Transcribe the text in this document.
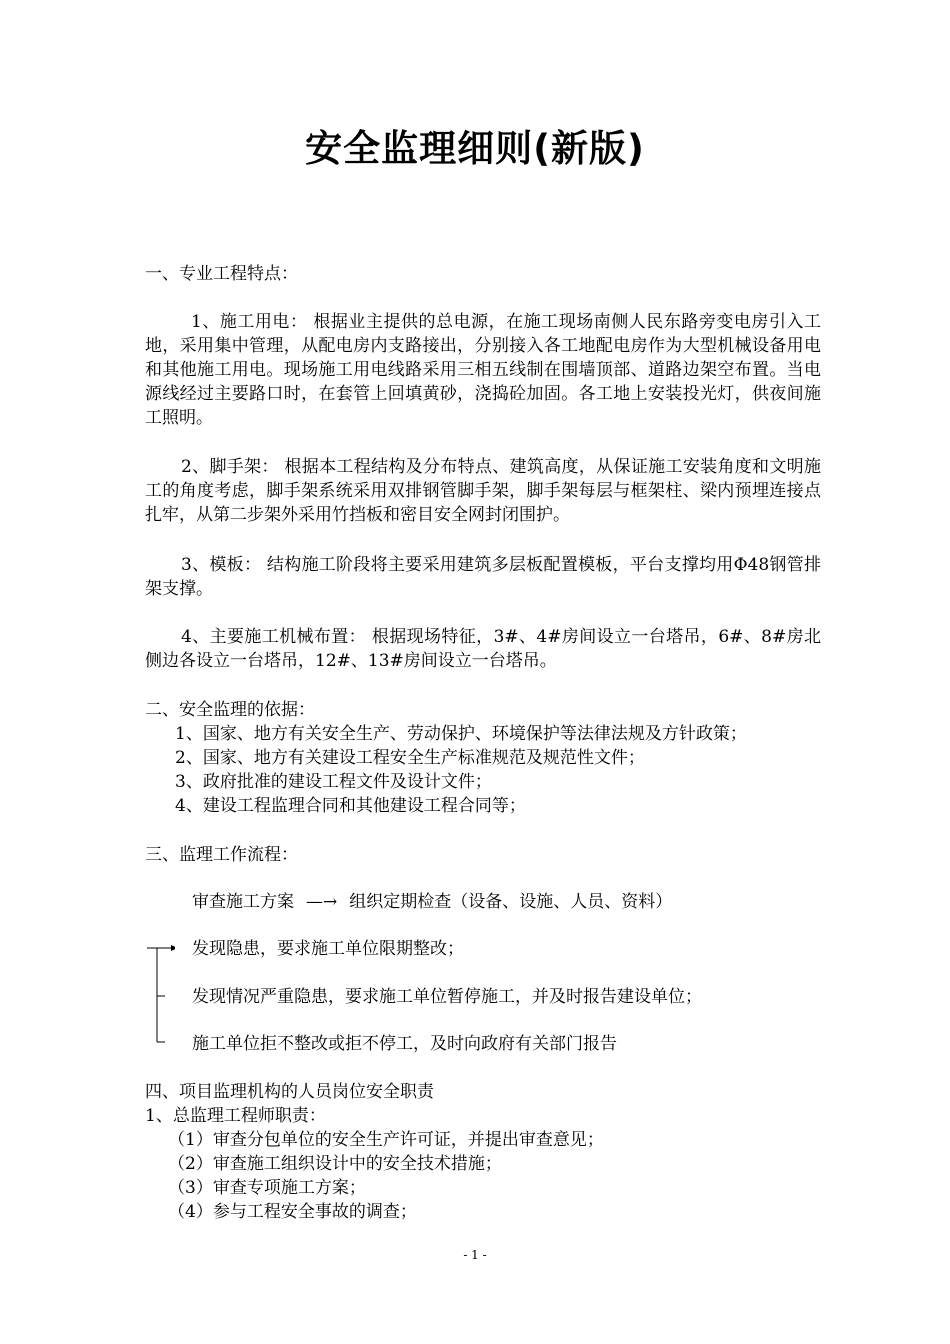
安全监理细则(新版)
一、专业工程特点：
1、施工用电： 根据业主提供的总电源，在施工现场南侧人民东路旁变电房引入工地，采用集中管理，从配电房内支路接出，分别接入各工地配电房作为大型机械设备用电和其他施工用电。现场施工用电线路采用三相五线制在围墙顶部、道路边架空布置。当电源线经过主要路口时，在套管上回填黄砂，浇捣砼加固。各工地上安装投光灯，供夜间施工照明。
2、脚手架： 根据本工程结构及分布特点、建筑高度，从保证施工安装角度和文明施工的角度考虑，脚手架系统采用双排钢管脚手架，脚手架每层与框架柱、梁内预埋连接点扎牢，从第二步架外采用竹挡板和密目安全网封闭围护。
3、模板： 结构施工阶段将主要采用建筑多层板配置模板，平台支撑均用Φ48钢管排架支撑。
4、主要施工机械布置： 根据现场特征，3#、4#房间设立一台塔吊，6#、8#房北侧边各设立一台塔吊，12#、13#房间设立一台塔吊。
二、安全监理的依据：
1、国家、地方有关安全生产、劳动保护、环境保护等法律法规及方针政策；
2、国家、地方有关建设工程安全生产标准规范及规范性文件；
3、政府批准的建设工程文件及设计文件；
4、建设工程监理合同和其他建设工程合同等；
三、监理工作流程：
审查施工方案 —→ 组织定期检查（设备、设施、人员、资料）
发现隐患，要求施工单位限期整改；
发现情况严重隐患，要求施工单位暂停施工，并及时报告建设单位；
施工单位拒不整改或拒不停工，及时向政府有关部门报告
四、项目监理机构的人员岗位安全职责
1、总监理工程师职责：
（1）审查分包单位的安全生产许可证，并提出审查意见；
（2）审查施工组织设计中的安全技术措施；
（3）审查专项施工方案；
（4）参与工程安全事故的调查；
- 1 -
